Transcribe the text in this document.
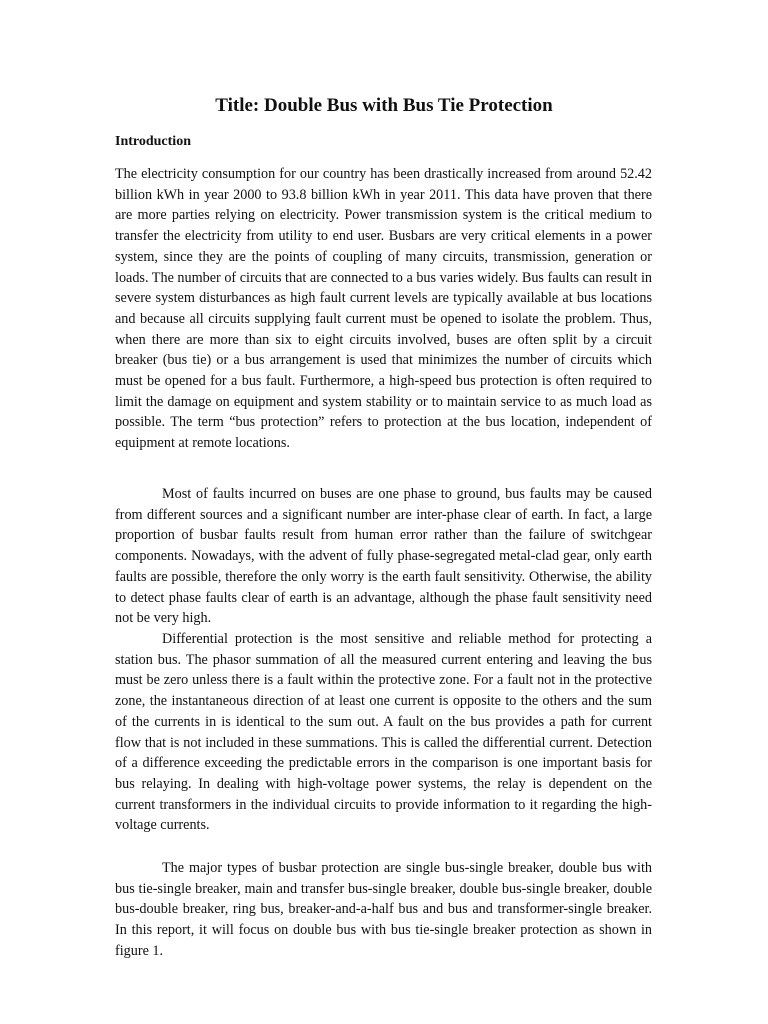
Title: Double Bus with Bus Tie Protection
Introduction

The electricity consumption for our country has been drastically increased from around 52.42 billion kWh in year 2000 to 93.8 billion kWh in year 2011. This data have proven that there are more parties relying on electricity. Power transmission system is the critical medium to transfer the electricity from utility to end user. Busbars are very critical elements in a power system, since they are the points of coupling of many circuits, transmission, generation or loads. The number of circuits that are connected to a bus varies widely. Bus faults can result in severe system disturbances as high fault current levels are typically available at bus locations and because all circuits supplying fault current must be opened to isolate the problem. Thus, when there are more than six to eight circuits involved, buses are often split by a circuit breaker (bus tie) or a bus arrangement is used that minimizes the number of circuits which must be opened for a bus fault. Furthermore, a high-speed bus protection is often required to limit the damage on equipment and system stability or to maintain service to as much load as possible. The term “bus protection” refers to protection at the bus location, independent of equipment at remote locations.

Most of faults incurred on buses are one phase to ground, bus faults may be caused from different sources and a significant number are inter-phase clear of earth. In fact, a large proportion of busbar faults result from human error rather than the failure of switchgear components. Nowadays, with the advent of fully phase-segregated metal-clad gear, only earth faults are possible, therefore the only worry is the earth fault sensitivity. Otherwise, the ability to detect phase faults clear of earth is an advantage, although the phase fault sensitivity need not be very high.

Differential protection is the most sensitive and reliable method for protecting a station bus. The phasor summation of all the measured current entering and leaving the bus must be zero unless there is a fault within the protective zone. For a fault not in the protective zone, the instantaneous direction of at least one current is opposite to the others and the sum of the currents in is identical to the sum out. A fault on the bus provides a path for current flow that is not included in these summations. This is called the differential current. Detection of a difference exceeding the predictable errors in the comparison is one important basis for bus relaying. In dealing with high-voltage power systems, the relay is dependent on the current transformers in the individual circuits to provide information to it regarding the high-voltage currents.

The major types of busbar protection are single bus-single breaker, double bus with bus tie-single breaker, main and transfer bus-single breaker, double bus-single breaker, double bus-double breaker, ring bus, breaker-and-a-half bus and bus and transformer-single breaker. In this report, it will focus on double bus with bus tie-single breaker protection as shown in figure 1.
